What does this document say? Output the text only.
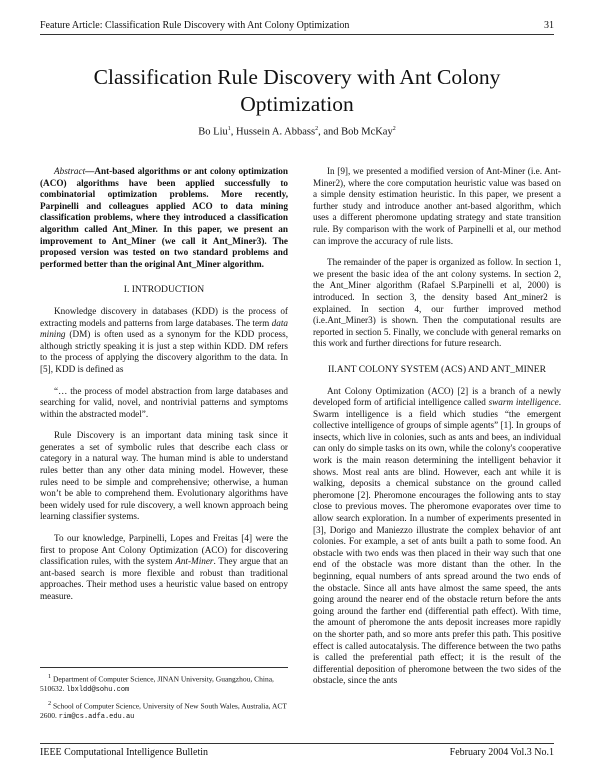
Feature Article: Classification Rule Discovery with Ant Colony Optimization	31
Classification Rule Discovery with Ant Colony Optimization
Bo Liu$^1$, Hussein A. Abbass$^2$, and Bob McKay$^2$

Abstract—Ant-based algorithms or ant colony optimization (ACO) algorithms have been applied successfully to combinatorial optimization problems. More recently, Parpinelli and colleagues applied ACO to data mining classification problems, where they introduced a classification algorithm called Ant_Miner. In this paper, we present an improvement to Ant_Miner (we call it Ant_Miner3). The proposed version was tested on two standard problems and performed better than the original Ant_Miner algorithm.

I. INTRODUCTION

Knowledge discovery in databases (KDD) is the process of extracting models and patterns from large databases. The term data mining (DM) is often used as a synonym for the KDD process, although strictly speaking it is just a step within KDD. DM refers to the process of applying the discovery algorithm to the data. In [5], KDD is defined as

“… the process of model abstraction from large databases and searching for valid, novel, and nontrivial patterns and symptoms within the abstracted model”.

Rule Discovery is an important data mining task since it generates a set of symbolic rules that describe each class or category in a natural way. The human mind is able to understand rules better than any other data mining model. However, these rules need to be simple and comprehensive; otherwise, a human won’t be able to comprehend them. Evolutionary algorithms have been widely used for rule discovery, a well known approach being learning classifier systems.

To our knowledge, Parpinelli, Lopes and Freitas [4] were the first to propose Ant Colony Optimization (ACO) for discovering classification rules, with the system Ant-Miner. They argue that an ant-based search is more flexible and robust than traditional approaches. Their method uses a heuristic value based on entropy measure.

$^1$ Department of Computer Science, JINAN University, Guangzhou, China, 510632. lbxldd@sohu.com
$^2$ School of Computer Science, University of New South Wales, Australia, ACT 2600. rim@cs.adfa.edu.au

In [9], we presented a modified version of Ant-Miner (i.e. Ant-Miner2), where the core computation heuristic value was based on a simple density estimation heuristic. In this paper, we present a further study and introduce another ant-based algorithm, which uses a different pheromone updating strategy and state transition rule. By comparison with the work of Parpinelli et al, our method can improve the accuracy of rule lists.

The remainder of the paper is organized as follow. In section 1, we present the basic idea of the ant colony systems. In section 2, the Ant_Miner algorithm (Rafael S.Parpinelli et al, 2000) is introduced. In section 3, the density based Ant_miner2 is explained. In section 4, our further improved method (i.e.Ant_Miner3) is shown. Then the computational results are reported in section 5. Finally, we conclude with general remarks on this work and further directions for future research.

II.ANT COLONY SYSTEM (ACS) AND ANT_MINER

Ant Colony Optimization (ACO) [2] is a branch of a newly developed form of artificial intelligence called swarm intelligence. Swarm intelligence is a field which studies “the emergent collective intelligence of groups of simple agents” [1]. In groups of insects, which live in colonies, such as ants and bees, an individual can only do simple tasks on its own, while the colony's cooperative work is the main reason determining the intelligent behavior it shows. Most real ants are blind. However, each ant while it is walking, deposits a chemical substance on the ground called pheromone [2]. Pheromone encourages the following ants to stay close to previous moves. The pheromone evaporates over time to allow search exploration. In a number of experiments presented in [3], Dorigo and Maniezzo illustrate the complex behavior of ant colonies. For example, a set of ants built a path to some food. An obstacle with two ends was then placed in their way such that one end of the obstacle was more distant than the other. In the beginning, equal numbers of ants spread around the two ends of the obstacle. Since all ants have almost the same speed, the ants going around the nearer end of the obstacle return before the ants going around the farther end (differential path effect). With time, the amount of pheromone the ants deposit increases more rapidly on the shorter path, and so more ants prefer this path. This positive effect is called autocatalysis. The difference between the two paths is called the preferential path effect; it is the result of the differential deposition of pheromone between the two sides of the obstacle, since the ants

IEEE Computational Intelligence Bulletin	February 2004 Vol.3 No.1
